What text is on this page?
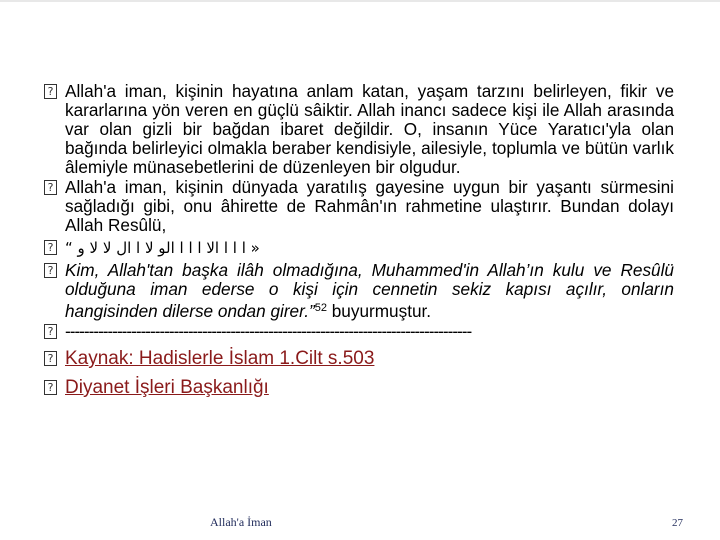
? Allah'a iman, kişinin hayatına anlam katan, yaşam tarzını belirleyen, fikir ve kararlarına yön veren en güçlü sâiktir. Allah inancı sadece kişi ile Allah arasında var olan gizli bir bağdan ibaret değildir. O, insanın Yüce Yaratıcı'yla olan bağında belirleyici olmakla beraber kendisiyle, ailesiyle, toplumla ve bütün varlık âlemiyle münasebetlerini de düzenleyen bir olgudur.
? Allah'a iman, kişinin dünyada yaratılış gayesine uygun bir yaşantı sürmesini sağladığı gibi, onu âhirette de Rahmân'ın rahmetine ulaştırır. Bundan dolayı Allah Resûlü,
? « ا ا ا الا ا ا ا الو لا ا ال لا لا و “
? Kim, Allah'tan başka ilâh olmadığına, Muhammed'in Allah’ın kulu ve Resûlü olduğuna iman ederse o kişi için cennetin sekiz kapısı açılır, onların hangisinden dilerse ondan girer.”$^{52}$ buyurmuştur.
? --------------------------------------------------------------------------------------
? Kaynak: Hadislerle İslam 1.Cilt s.503
? Diyanet İşleri Başkanlığı
Allah'a İman	27
